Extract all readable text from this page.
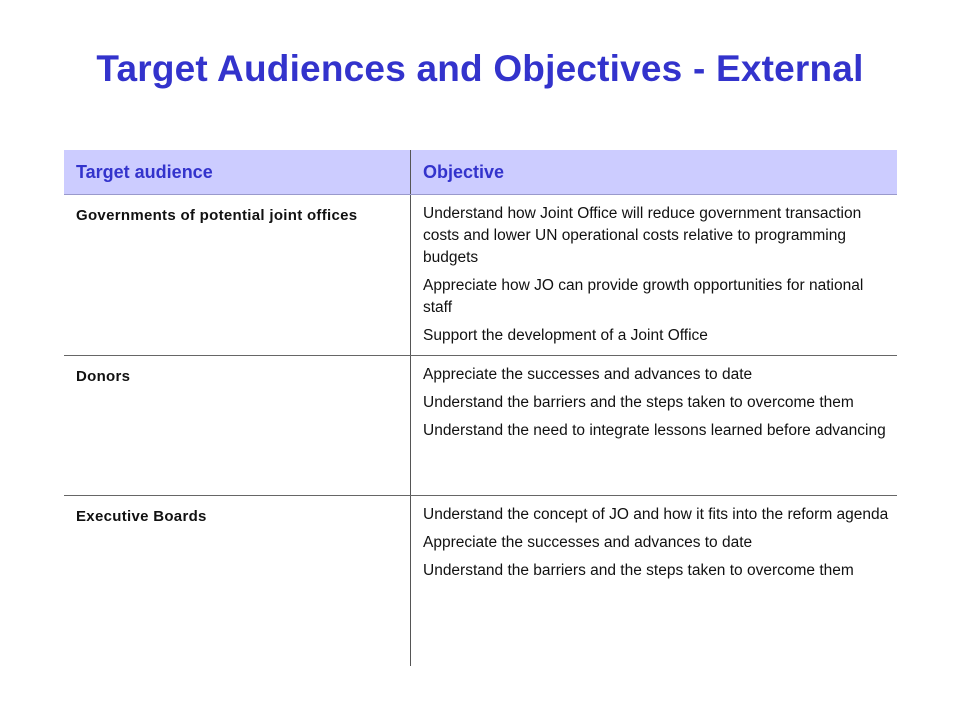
Target Audiences and Objectives - External
Target audience	Objective
Governments of potential joint offices	Understand how Joint Office will reduce government transaction costs and lower UN operational costs relative to programming budgets
Appreciate how JO can provide growth opportunities for national staff
Support the development of a Joint Office
Donors	Appreciate the successes and advances to date
Understand the barriers and the steps taken to overcome them
Understand the need to integrate lessons learned before advancing
Executive Boards	Understand the concept of JO and how it fits into the reform agenda
Appreciate the successes and advances to date
Understand the barriers and the steps taken to overcome them
